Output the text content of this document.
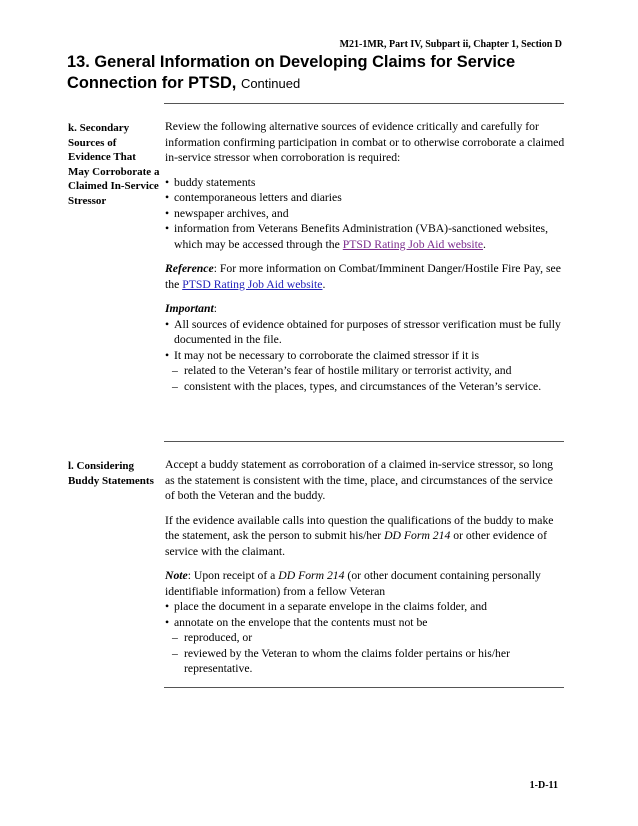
M21-1MR, Part IV, Subpart ii, Chapter 1, Section D
13. General Information on Developing Claims for Service Connection for PTSD, Continued
k. Secondary Sources of Evidence That May Corroborate a Claimed In-Service Stressor

Review the following alternative sources of evidence critically and carefully for information confirming participation in combat or to otherwise corroborate a claimed in-service stressor when corroboration is required:

• buddy statements
• contemporaneous letters and diaries
• newspaper archives, and
• information from Veterans Benefits Administration (VBA)-sanctioned websites, which may be accessed through the PTSD Rating Job Aid website.

Reference: For more information on Combat/Imminent Danger/Hostile Fire Pay, see the PTSD Rating Job Aid website.

Important:

• All sources of evidence obtained for purposes of stressor verification must be fully documented in the file.
• It may not be necessary to corroborate the claimed stressor if it is
– related to the Veteran’s fear of hostile military or terrorist activity, and
– consistent with the places, types, and circumstances of the Veteran’s service.
l. Considering Buddy Statements

Accept a buddy statement as corroboration of a claimed in-service stressor, so long as the statement is consistent with the time, place, and circumstances of the service of both the Veteran and the buddy.

If the evidence available calls into question the qualifications of the buddy to make the statement, ask the person to submit his/her DD Form 214 or other evidence of service with the claimant.

Note: Upon receipt of a DD Form 214 (or other document containing personally identifiable information) from a fellow Veteran

• place the document in a separate envelope in the claims folder, and
• annotate on the envelope that the contents must not be
– reproduced, or
– reviewed by the Veteran to whom the claims folder pertains or his/her representative.
1-D-11
